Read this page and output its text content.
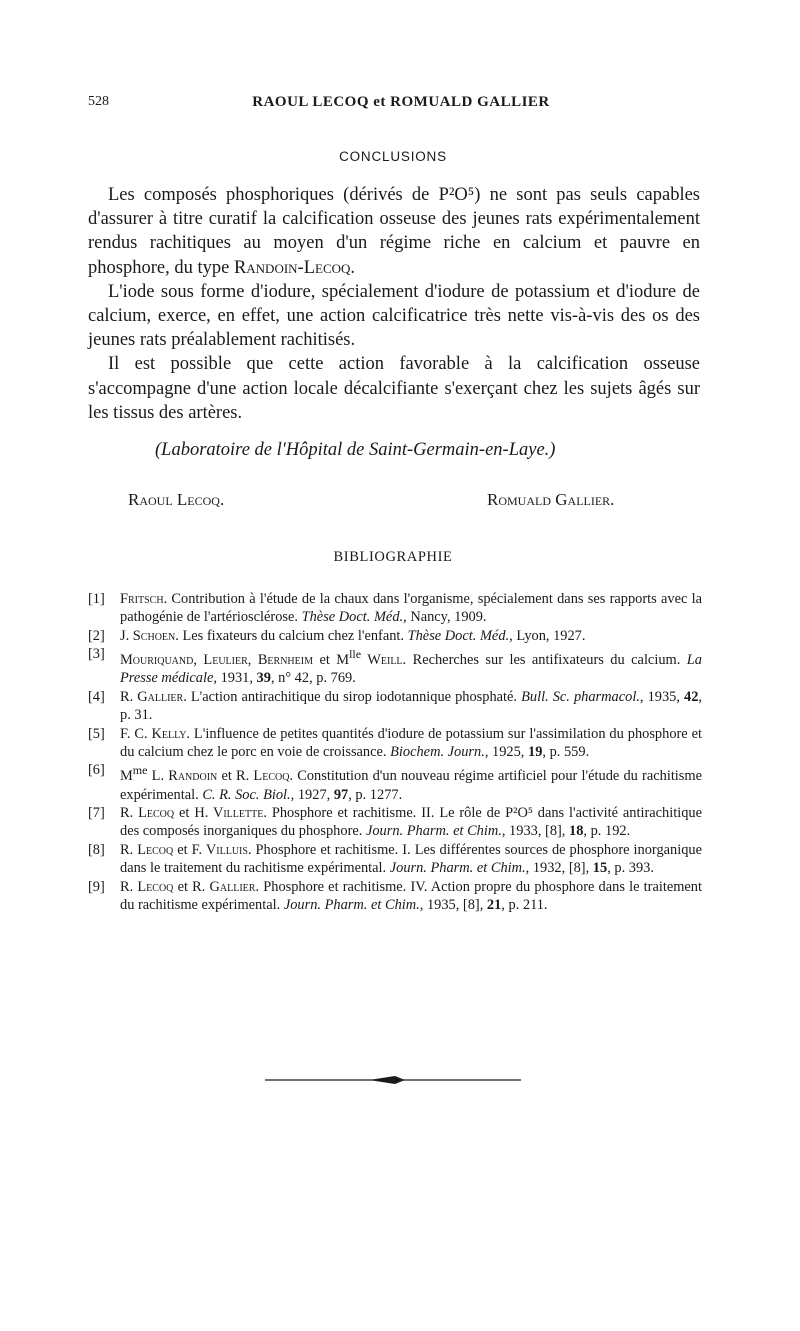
528	RAOUL LECOQ et ROMUALD GALLIER
CONCLUSIONS

Les composés phosphoriques (dérivés de P²O⁵) ne sont pas seuls capables d'assurer à titre curatif la calcification osseuse des jeunes rats expérimentalement rendus rachitiques au moyen d'un régime riche en calcium et pauvre en phosphore, du type Randoin-Lecoq.

L'iode sous forme d'iodure, spécialement d'iodure de potassium et d'iodure de calcium, exerce, en effet, une action calcificatrice très nette vis-à-vis des os des jeunes rats préalablement rachitisés.

Il est possible que cette action favorable à la calcification osseuse s'accompagne d'une action locale décalcifiante s'exerçant chez les sujets âgés sur les tissus des artères.

(Laboratoire de l'Hôpital de Saint-Germain-en-Laye.)
Raoul Lecoq.	Romuald Gallier.
BIBLIOGRAPHIE
[1] Fritsch. Contribution à l'étude de la chaux dans l'organisme, spécialement dans ses rapports avec la pathogénie de l'artériosclérose. Thèse Doct. Méd., Nancy, 1909.
[2] J. Schoen. Les fixateurs du calcium chez l'enfant. Thèse Doct. Méd., Lyon, 1927.
[3] Mouriquand, Leulier, Bernheim et $M^{lle}$ Weill. Recherches sur les antifixateurs du calcium. La Presse médicale, 1931, 39, n° 42, p. 769.
[4] R. Gallier. L'action antirachitique du sirop iodotannique phosphaté. Bull. Sc. pharmacol., 1935, 42, p. 31.
[5] F. C. Kelly. L'influence de petites quantités d'iodure de potassium sur l'assimilation du phosphore et du calcium chez le porc en voie de croissance. Biochem. Journ., 1925, 19, p. 559.
[6] $M^{me}$ L. Randoin et R. Lecoq. Constitution d'un nouveau régime artificiel pour l'étude du rachitisme expérimental. C. R. Soc. Biol., 1927, 97, p. 1277.
[7] R. Lecoq et H. Villette. Phosphore et rachitisme. II. Le rôle de P²O⁵ dans l'activité antirachitique des composés inorganiques du phosphore. Journ. Pharm. et Chim., 1933, [8], 18, p. 192.
[8] R. Lecoq et F. Villuis. Phosphore et rachitisme. I. Les différentes sources de phosphore inorganique dans le traitement du rachitisme expérimental. Journ. Pharm. et Chim., 1932, [8], 15, p. 393.
[9] R. Lecoq et R. Gallier. Phosphore et rachitisme. IV. Action propre du phosphore dans le traitement du rachitisme expérimental. Journ. Pharm. et Chim., 1935, [8], 21, p. 211.
